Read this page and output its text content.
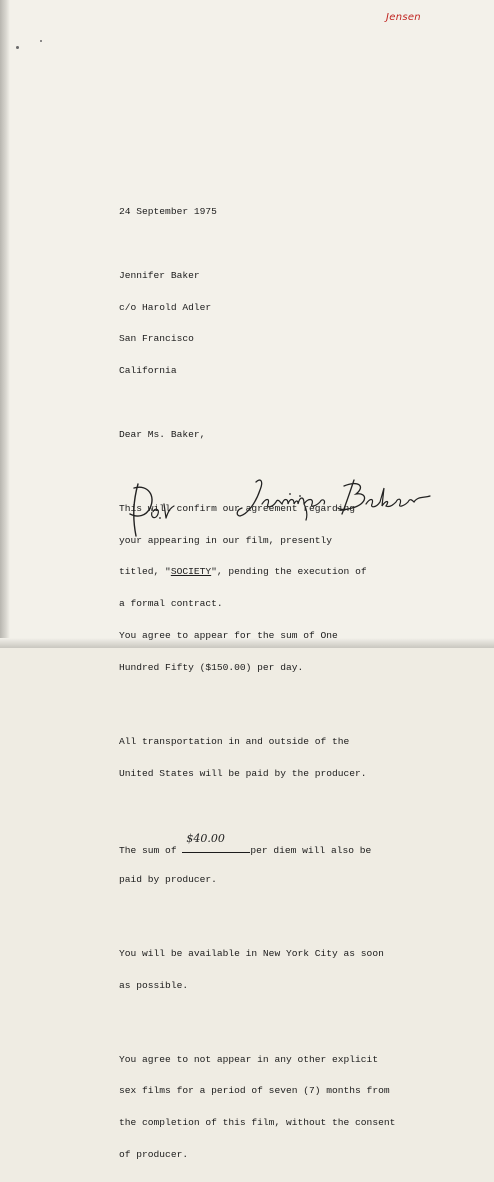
Jensen

24 September 1975

Jennifer Baker

c/o Harold Adler

San Francisco

California

Dear Ms. Baker,

This will confirm our agreement regarding

your appearing in our film, presently

titled, "SOCIETY", pending the execution of

a formal contract.

You agree to appear for the sum of One

Hundred Fifty ($150.00) per day.

All transportation in and outside of the

United States will be paid by the producer.

The sum of
$40.00
per diem will also be

paid by producer.

You will be available in New York City as soon

as possible.

You agree to not appear in any other explicit

sex films for a period of seven (7) months from

the completion of this film, without the consent

of producer.
